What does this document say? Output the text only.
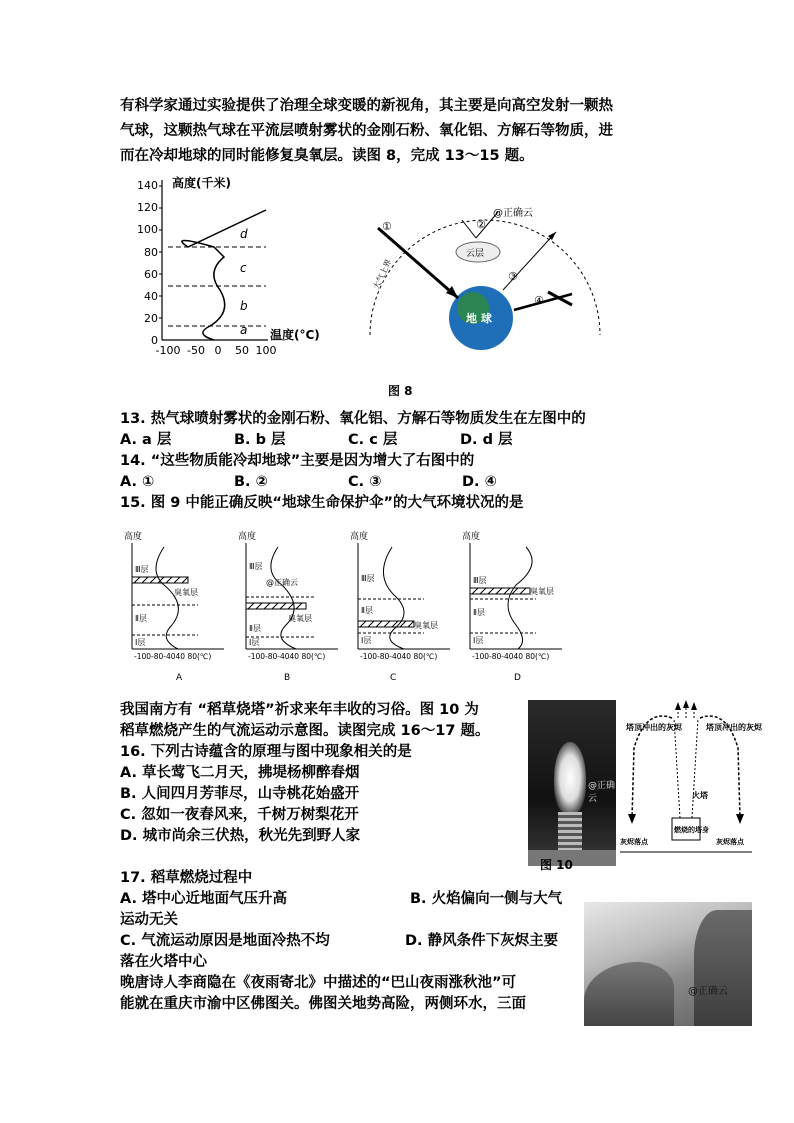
有科学家通过实验提供了治理全球变暖的新视角，其主要是向高空发射一颗热
气球，这颗热气球在平流层喷射雾状的金刚石粉、氧化铝、方解石等物质，进
而在冷却地球的同时能修复臭氧层。读图 8，完成 13～15 题。
140
120
100
80
60
40
20
0
高度(千米)
-100 -50 0 50 100
温度(°C)
d
c
b
a
大气上界
地 球
云层
①	②
③
④
@正确云
图 8
13. 热气球喷射雾状的金刚石粉、氧化铝、方解石等物质发生在左图中的
A. a 层	B. b 层	C. c 层	D. d 层
14. “这些物质能冷却地球”主要是因为增大了右图中的
A. ①	B. ②	C. ③	D. ④
15. 图 9 中能正确反映“地球生命保护伞”的大气环境状况的是
高度
Ⅲ层
臭氧层
Ⅱ层
Ⅰ层
-100-80-4040 80(℃)
A
高度
Ⅲ层
@正确云
臭氧层
Ⅱ层
Ⅰ层
-100-80-4040 80(℃)
B
高度
Ⅲ层
Ⅱ层
臭氧层
Ⅰ层
-100-80-4040 80(℃)
C
高度
Ⅲ层
臭氧层
Ⅱ层
Ⅰ层
-100-80-4040 80(℃)
D
我国南方有 “稻草烧塔”祈求来年丰收的习俗。图 10 为
稻草燃烧产生的气流运动示意图。读图完成 16～17 题。
16. 下列古诗蕴含的原理与图中现象相关的是
A. 草长莺飞二月天，拂堤杨柳醉春烟
B. 人间四月芳菲尽，山寺桃花始盛开
C. 忽如一夜春风来，千树万树梨花开
D. 城市尚余三伏热，秋光先到野人家
@正确云
塔顶冲出的灰烬	塔顶冲出的灰烬
火塔
燃烧的塔身
灰烬落点	灰烬落点
图 10
17. 稻草燃烧过程中
A. 塔中心近地面气压升高	B. 火焰偏向一侧与大气
运动无关
C. 气流运动原因是地面冷热不均	D. 静风条件下灰烬主要
落在火塔中心
晚唐诗人李商隐在《夜雨寄北》中描述的“巴山夜雨涨秋池”可
能就在重庆市渝中区佛图关。佛图关地势高险，两侧环水，三面
@正确云
